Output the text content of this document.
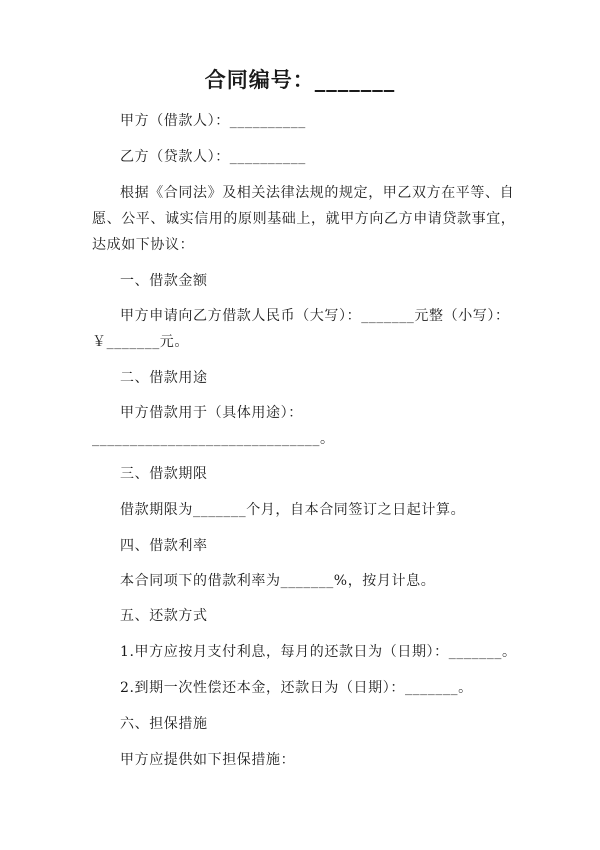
合同编号：_______
甲方（借款人）：__________
乙方（贷款人）：__________
根据《合同法》及相关法律法规的规定，甲乙双方在平等、自
愿、公平、诚实信用的原则基础上，就甲方向乙方申请贷款事宜，
达成如下协议：
一、借款金额
甲方申请向乙方借款人民币（大写）：_______元整（小写）：
￥_______元。
二、借款用途
甲方借款用于（具体用途）：
______________________________。
三、借款期限
借款期限为_______个月，自本合同签订之日起计算。
四、借款利率
本合同项下的借款利率为_______%，按月计息。
五、还款方式
1.甲方应按月支付利息，每月的还款日为（日期）：_______。
2.到期一次性偿还本金，还款日为（日期）：_______。
六、担保措施
甲方应提供如下担保措施：
